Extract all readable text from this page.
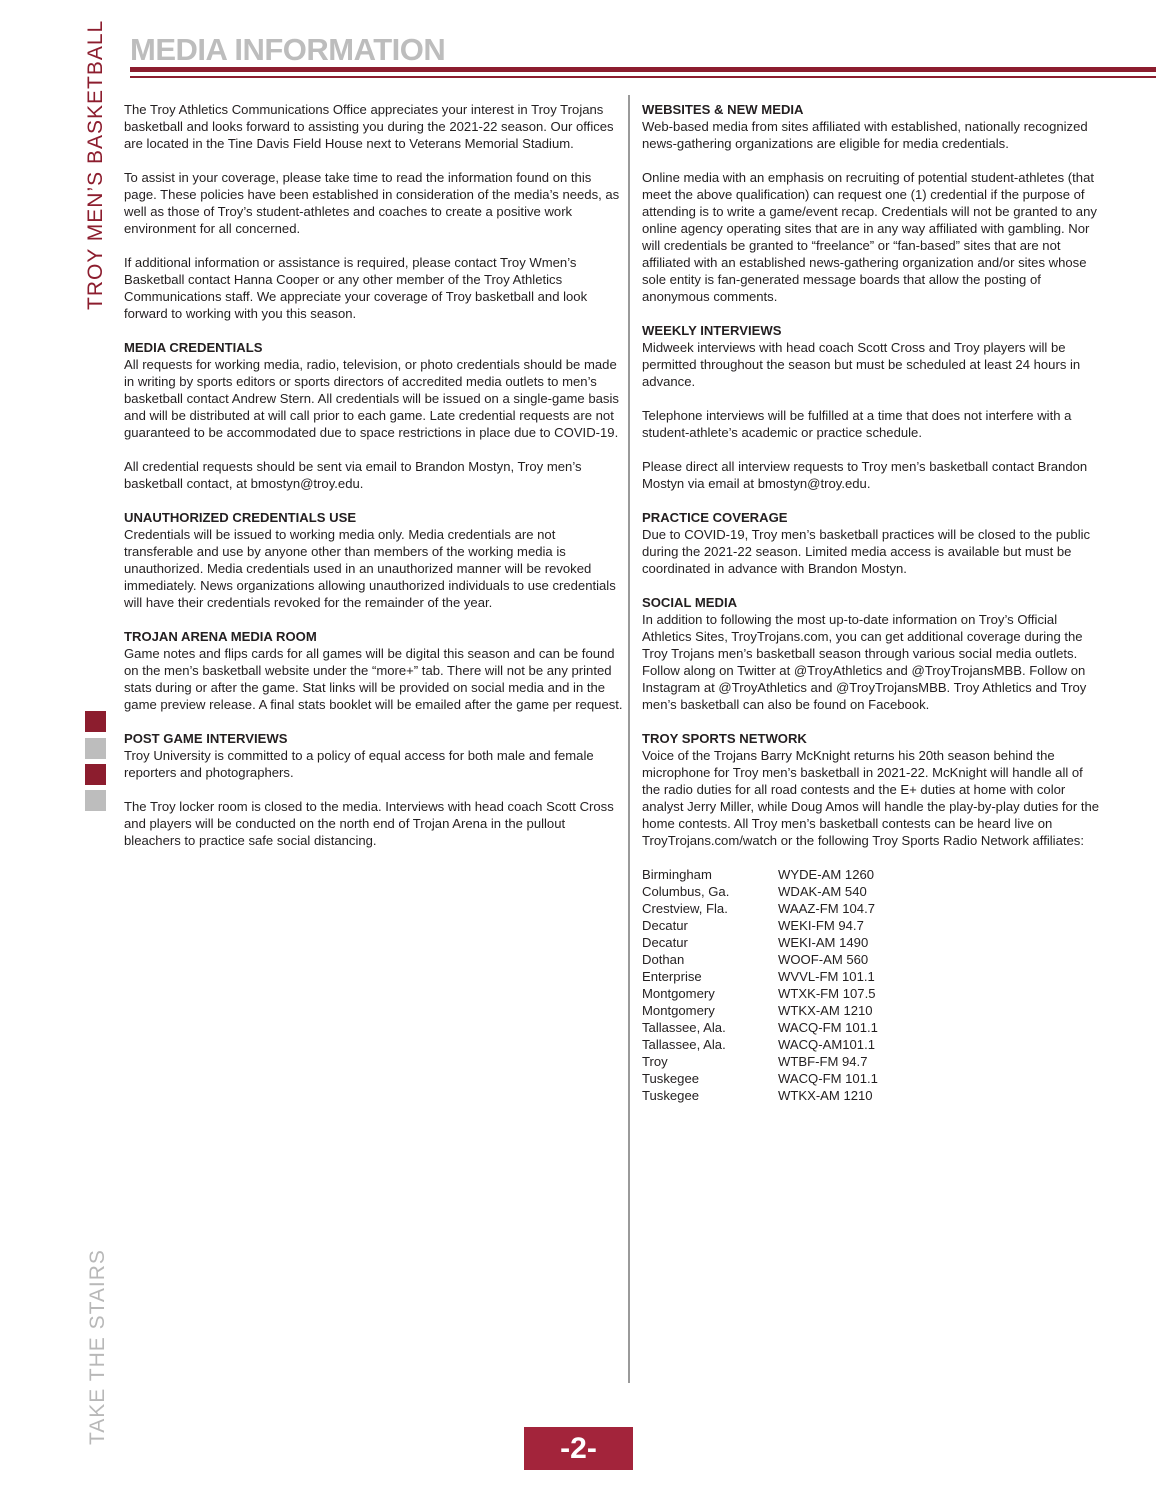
MEDIA INFORMATION
TROY MEN’S BASKETBALL
TAKE THE STAIRS

The Troy Athletics Communications Office appreciates your interest in Troy Trojans basketball and looks forward to assisting you during the 2021-22 season. Our offices are located in the Tine Davis Field House next to Veterans Memorial Stadium.

To assist in your coverage, please take time to read the information found on this page. These policies have been established in consideration of the media’s needs, as well as those of Troy’s student-athletes and coaches to create a positive work environment for all concerned.

If additional information or assistance is required, please contact Troy Wmen’s Basketball contact Hanna Cooper or any other member of the Troy Athletics Communications staff. We appreciate your coverage of Troy basketball and look forward to working with you this season.

MEDIA CREDENTIALS

All requests for working media, radio, television, or photo credentials should be made in writing by sports editors or sports directors of accredited media outlets to men’s basketball contact Andrew Stern. All credentials will be issued on a single-game basis and will be distributed at will call prior to each game. Late credential requests are not guaranteed to be accommodated due to space restrictions in place due to COVID-19.

All credential requests should be sent via email to Brandon Mostyn, Troy men’s basketball contact, at bmostyn@troy.edu.

UNAUTHORIZED CREDENTIALS USE

Credentials will be issued to working media only. Media credentials are not transferable and use by anyone other than members of the working media is unauthorized. Media credentials used in an unauthorized manner will be revoked immediately. News organizations allowing unauthorized individuals to use credentials will have their credentials revoked for the remainder of the year.

TROJAN ARENA MEDIA ROOM

Game notes and flips cards for all games will be digital this season and can be found on the men’s basketball website under the “more+” tab. There will not be any printed stats during or after the game. Stat links will be provided on social media and in the game preview release. A final stats booklet will be emailed after the game per request.

POST GAME INTERVIEWS

Troy University is committed to a policy of equal access for both male and female reporters and photographers.

The Troy locker room is closed to the media. Interviews with head coach Scott Cross and players will be conducted on the north end of Trojan Arena in the pullout bleachers to practice safe social distancing.

WEBSITES & NEW MEDIA

Web-based media from sites affiliated with established, nationally recognized news-gathering organizations are eligible for media credentials.

Online media with an emphasis on recruiting of potential student-athletes (that meet the above qualification) can request one (1) credential if the purpose of attending is to write a game/event recap. Credentials will not be granted to any online agency operating sites that are in any way affiliated with gambling. Nor will credentials be granted to “freelance” or “fan-based” sites that are not affiliated with an established news-gathering organization and/or sites whose sole entity is fan-generated message boards that allow the posting of anonymous comments.

WEEKLY INTERVIEWS

Midweek interviews with head coach Scott Cross and Troy players will be permitted throughout the season but must be scheduled at least 24 hours in advance.

Telephone interviews will be fulfilled at a time that does not interfere with a student-athlete’s academic or practice schedule.

Please direct all interview requests to Troy men’s basketball contact Brandon Mostyn via email at bmostyn@troy.edu.

PRACTICE COVERAGE

Due to COVID-19, Troy men’s basketball practices will be closed to the public during the 2021-22 season. Limited media access is available but must be coordinated in advance with Brandon Mostyn.

SOCIAL MEDIA

In addition to following the most up-to-date information on Troy’s Official Athletics Sites, TroyTrojans.com, you can get additional coverage during the Troy Trojans men’s basketball season through various social media outlets. Follow along on Twitter at @TroyAthletics and @TroyTrojansMBB. Follow on Instagram at @TroyAthletics and @TroyTrojansMBB. Troy Athletics and Troy men’s basketball can also be found on Facebook.

TROY SPORTS NETWORK

Voice of the Trojans Barry McKnight returns his 20th season behind the microphone for Troy men’s basketball in 2021-22. McKnight will handle all of the radio duties for all road contests and the E+ duties at home with color analyst Jerry Miller, while Doug Amos will handle the play-by-play duties for the home contests. All Troy men’s basketball contests can be heard live on TroyTrojans.com/watch or the following Troy Sports Radio Network affiliates:

Birmingham	WYDE-AM 1260
Columbus, Ga.	WDAK-AM 540
Crestview, Fla.	WAAZ-FM 104.7
Decatur	WEKI-FM 94.7
Decatur	WEKI-AM 1490
Dothan	WOOF-AM 560
Enterprise	WVVL-FM 101.1
Montgomery	WTXK-FM 107.5
Montgomery	WTKX-AM 1210
Tallassee, Ala.	WACQ-FM 101.1
Tallassee, Ala.	WACQ-AM101.1
Troy	WTBF-FM 94.7
Tuskegee	WACQ-FM 101.1
Tuskegee	WTKX-AM 1210
-2-
